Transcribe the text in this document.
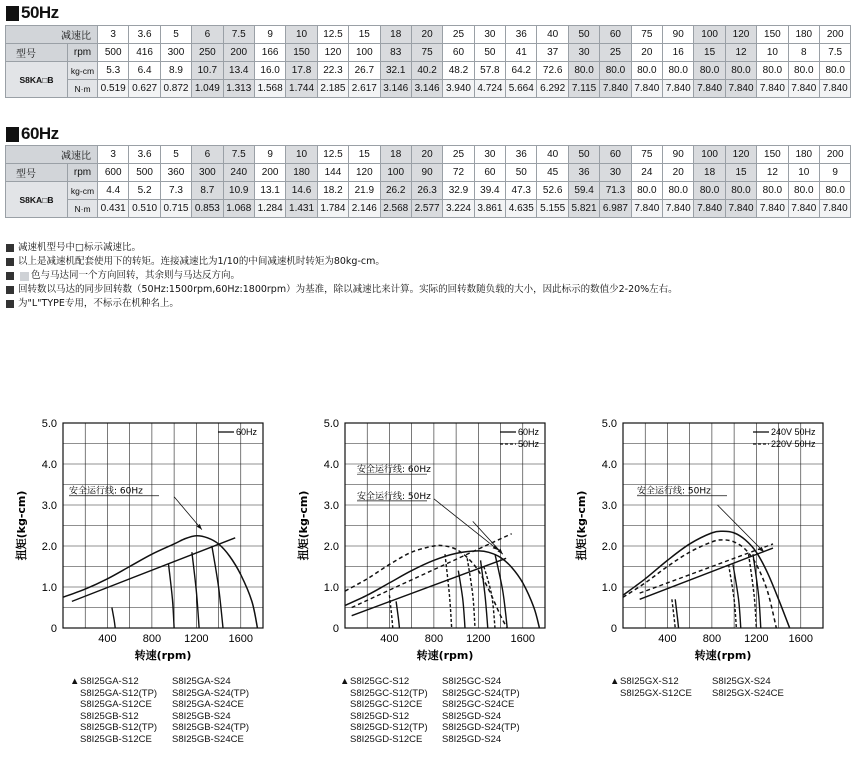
50Hz
减速比		3	3.6	5	6	7.5	9	10	12.5	15	18	20	25	30	36	40	50	60	75	90	100	120	150	180	200
型号	rpm	500	416	300	250	200	166	150	120	100	83	75	60	50	41	37	30	25	20	16	15	12	10	8	7.5
S8KA□B	kg-cm	5.3	6.4	8.9	10.7	13.4	16.0	17.8	22.3	26.7	32.1	40.2	48.2	57.8	64.2	72.6	80.0	80.0	80.0	80.0	80.0	80.0	80.0	80.0	80.0
	N·m	0.519	0.627	0.872	1.049	1.313	1.568	1.744	2.185	2.617	3.146	3.146	3.940	4.724	5.664	6.292	7.115	7.840	7.840	7.840	7.840	7.840	7.840	7.840	7.840
60Hz
减速比		3	3.6	5	6	7.5	9	10	12.5	15	18	20	25	30	36	40	50	60	75	90	100	120	150	180	200
型号	rpm	600	500	360	300	240	200	180	144	120	100	90	72	60	50	45	36	30	24	20	18	15	12	10	9
S8KA□B	kg-cm	4.4	5.2	7.3	8.7	10.9	13.1	14.6	18.2	21.9	26.2	26.3	32.9	39.4	47.3	52.6	59.4	71.3	80.0	80.0	80.0	80.0	80.0	80.0	80.0
	N·m	0.431	0.510	0.715	0.853	1.068	1.284	1.431	1.784	2.146	2.568	2.577	3.224	3.861	4.635	5.155	5.821	6.987	7.840	7.840	7.840	7.840	7.840	7.840	7.840
减速机型号中□标示减速比。
以上是减速机配套使用下的转矩。连接减速比为1/10的中间减速机时转矩为80kg-cm。
色与马达同一个方向回转，其余则与马达反方向。
回转数以马达的同步回转数（50Hz:1500rpm,60Hz:1800rpm）为基准，除以减速比来计算。实际的回转数随负载的大小，因此标示的数值少2-20%左右。
为"L"TYPE专用，不标示在机种名上。
0
1.0
2.0
3.0
4.0
5.0
400 800 1200 1600
转速(rpm)
扭矩(kg-cm)	安全运行线: 60Hz
60Hz
0
1.0
2.0
3.0
4.0
5.0
400 800 1200 1600
转速(rpm)
扭矩(kg-cm)
安全运行线: 60Hz
安全运行线: 50Hz
60Hz
50Hz
0
1.0
2.0
3.0
4.0
5.0
400 800 1200 1600
转速(rpm)
扭矩(kg-cm)	安全运行线: 50Hz
240V 50Hz
220V 50Hz
▲ S8I25GA-S12	S8I25GA-S24
S8I25GA-S12(TP)	S8I25GA-S24(TP)
S8I25GA-S12CE	S8I25GA-S24CE
S8I25GB-S12	S8I25GB-S24
S8I25GB-S12(TP)	S8I25GB-S24(TP)
S8I25GB-S12CE	S8I25GB-S24CE
▲ S8I25GC-S12	S8I25GC-S24
S8I25GC-S12(TP)	S8I25GC-S24(TP)
S8I25GC-S12CE	S8I25GC-S24CE
S8I25GD-S12	S8I25GD-S24
S8I25GD-S12(TP)	S8I25GD-S24(TP)
S8I25GD-S12CE	S8I25GD-S24
▲ S8I25GX-S12	S8I25GX-S24
S8I25GX-S12CE	S8I25GX-S24CE
